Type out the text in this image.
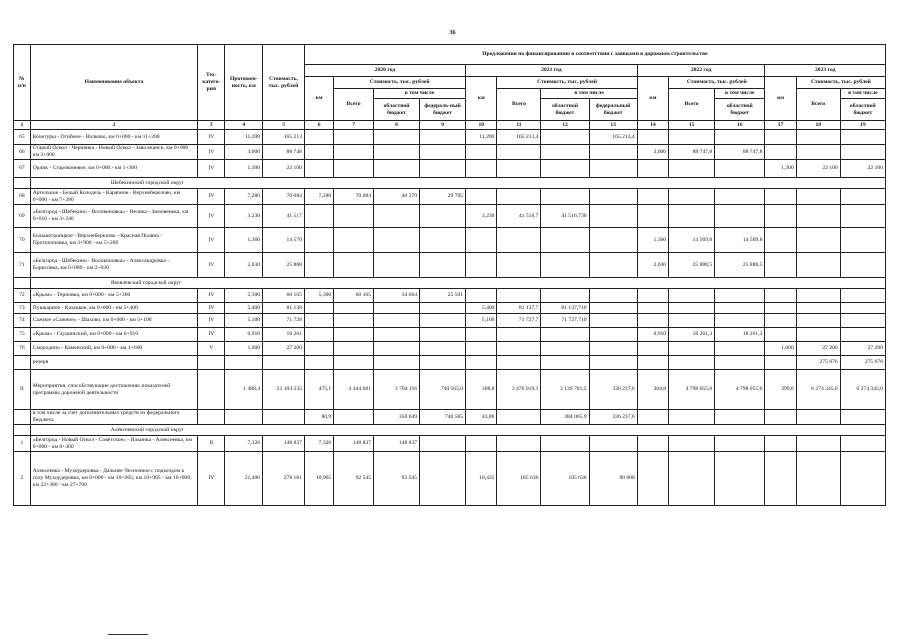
36
№ п/п	Наименование объекта	Тех-катего-рия	Протяжен-ность, км	Стоимость, тыс. рублей	Предложения по финансированию в соответствии с заявками в дорожном строительстве													
					2020 год				2021 год				2022 год			2023 год		
					км	Стоимость, тыс. рублей			км	Стоимость, тыс. рублей			км	Стоимость, тыс. рублей		км	Стоимость, тыс. рублей	
						Всего	в том числе			Всего	в том числе			Всего	в том числе		Всего	в том числе
							областной бюджет	федераль-ный бюджет			областной бюджет	федеральный бюджет			областной бюджет			областной бюджет
1	2	3	4	5	6	7	8	9	10	11	12	13	14	15	16	17	18	19
65	Кочетуры - Огибное - Волково, км 0+000 - км 11+200	IV	11,200	165 213					11,200	165 213,4		165 213,4						
66	Старый Оскол - Чернянка - Новый Оскол - Заволжанск, км 0+000 км 3+000	IV	3,000	88 748									3,000	88 747,8	88 747,8			
67	Орлик - Староконевое, км 0+000 - км 1+300	IV	1,300	22 100												1,300	22 100	22 100
	Шебекинский городской округ																	
68	Артельное - Белый Колодезь - Карачное - Верхнеберезово, км 0+000 - км 7+280	IV	7,280	70 084	7,280	70 084	40 379	29 705										
69	«Белгород - Шебекино - Волоконовка» - Велика - Зимовенька, км 0+010 - км 3+240	IV	3,230	41 517					3,230	41 516,7	41 516,730							
70	Большетроицкое - Верхнеберезово - Красная Поляна - Протопоповка, км 3+900 - км 5+260	IV	1,360	14 570									1,360	14 569,8	14 569,8			
71	«Белгород - Шебекино - Волоконовка» - Александровка - Борисовка, км 0+000 - км 2+030	IV	2,030	25 888									2,030	25 888,5	25 888,5			
	Яковлевский городской округ																	
72	«Крым» - Терновка, км 0+000 - км 5+300	IV	5,300	60 165	5,300	60 165	34 664	25 501										
73	Пушкарное - Казацкое, км 0+000 - км 5+400	IV	5,400	81 138					5,400	81 137,7	81 137,710							
74	Сажное «Сажное» - Шахово, км 0+000 - км 5+100	IV	5,100	71 728					5,100	71 727,7	71 727,710							
75	«Крым» - Глушинский, км 0+000 - км 0+910	IV	0,910	18 261									0,910	18 261,3	18 261,3			
76	Смородино - Каменский, км 0+000 - км 1+600	V	1,600	27 200												1,600	27 200	27 200
	резерв																275 676	275 676
II	Мероприятия, способствующие достижению показателей программы дорожной деятельности		1 488,4	21 104 235	475,1	4 444 681	3 704 116	740 565,0	308,8	3 476 019,1	3 139 781,5	336 237,6	304,8	4 798 055,0	4 798 055,0	399,6	6 274 345,0	6 274 345,0
	в том числе за счет дополнительных средств из федерального бюджета				80,9		350 649	740 565	43,86		384 005,9	336 237,6						
	Алексеевский городской округ																	
1	«Белгород - Новый Оскол - Советское» - Ильинка - Алексеевка, км 0+000 - км 8+300	II	7,326	148 837	7,326	148 837	148 837											
2	Алексеевка - Мухоудеровка - Дальнее Чесночное с подъездом к селу Мухоудеровка, км 0+000 - км 10+965; км 10+965 - км 16+000; км 22+300 - км 27+700	IV	21,400	278 181	10,965	92 545	92 545		10,435	185 636	105 636	80 000						
